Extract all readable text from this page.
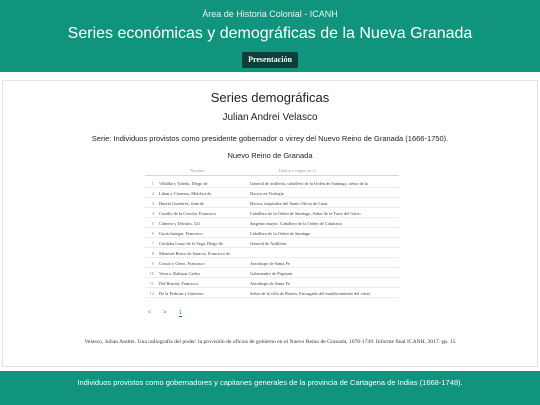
Área de Historia Colonial - ICANH
Series económicas y demográficas de la Nueva Granada
Presentación
Series demográficas
Julian Andrei Velasco
Serie: Individuos provistos como presidente gobernador o virrey del Nuevo Reino de Granada (1666-1750).
Nuevo Reino de Granada
Nombre	Títulos o cargos en el
1 Villalba y Toledo, Diego de	General de artillería, caballero de la Orden de Santiago, señor de la
2 Liñan y Cisneros, Melchor de	Doctor en Teología
3 Huerta Gutiérrez, Juan de	Doctor, inquisidor del Santo Oficio de Lima
4 Castillo de la Concha, Francisco	Caballero de la Orden de Santiago, Señor de la Torre del Garro
5 Cabrero y Dávalos, Gil	Sargento mayor, Caballero de la Orden de Calatrava
6 Gorrichategui, Francisco	Caballero de la Orden de Santiago
7 Córdoba Lasso de la Vega, Diego de	General de Artillería
8 Meneses Bravo de Saravia, Francisco de
9 Cossio y Otero, Francisco	Arzobispo de Santa Fe
10 Vivero, Baltasar Carlos	Gobernador de Popayán
11 Del Rincón, Francisco	Arzobispo de Santa Fe
12 De la Pedrosa y Guerrero	Señor de la villa de Baeres, Encargado del establecimiento del virrei
< > 1
Velasco, Julian Andrei. Una radiografía del poder: la provisión de oficios de gobierno en el Nuevo Reino de Granada, 1670-1749. Informe final ICANH, 2017. pp. 15
Individuos provistos como gobernadores y capitanes generales de la provincia de Cartagena de Indias (1668-1748).
